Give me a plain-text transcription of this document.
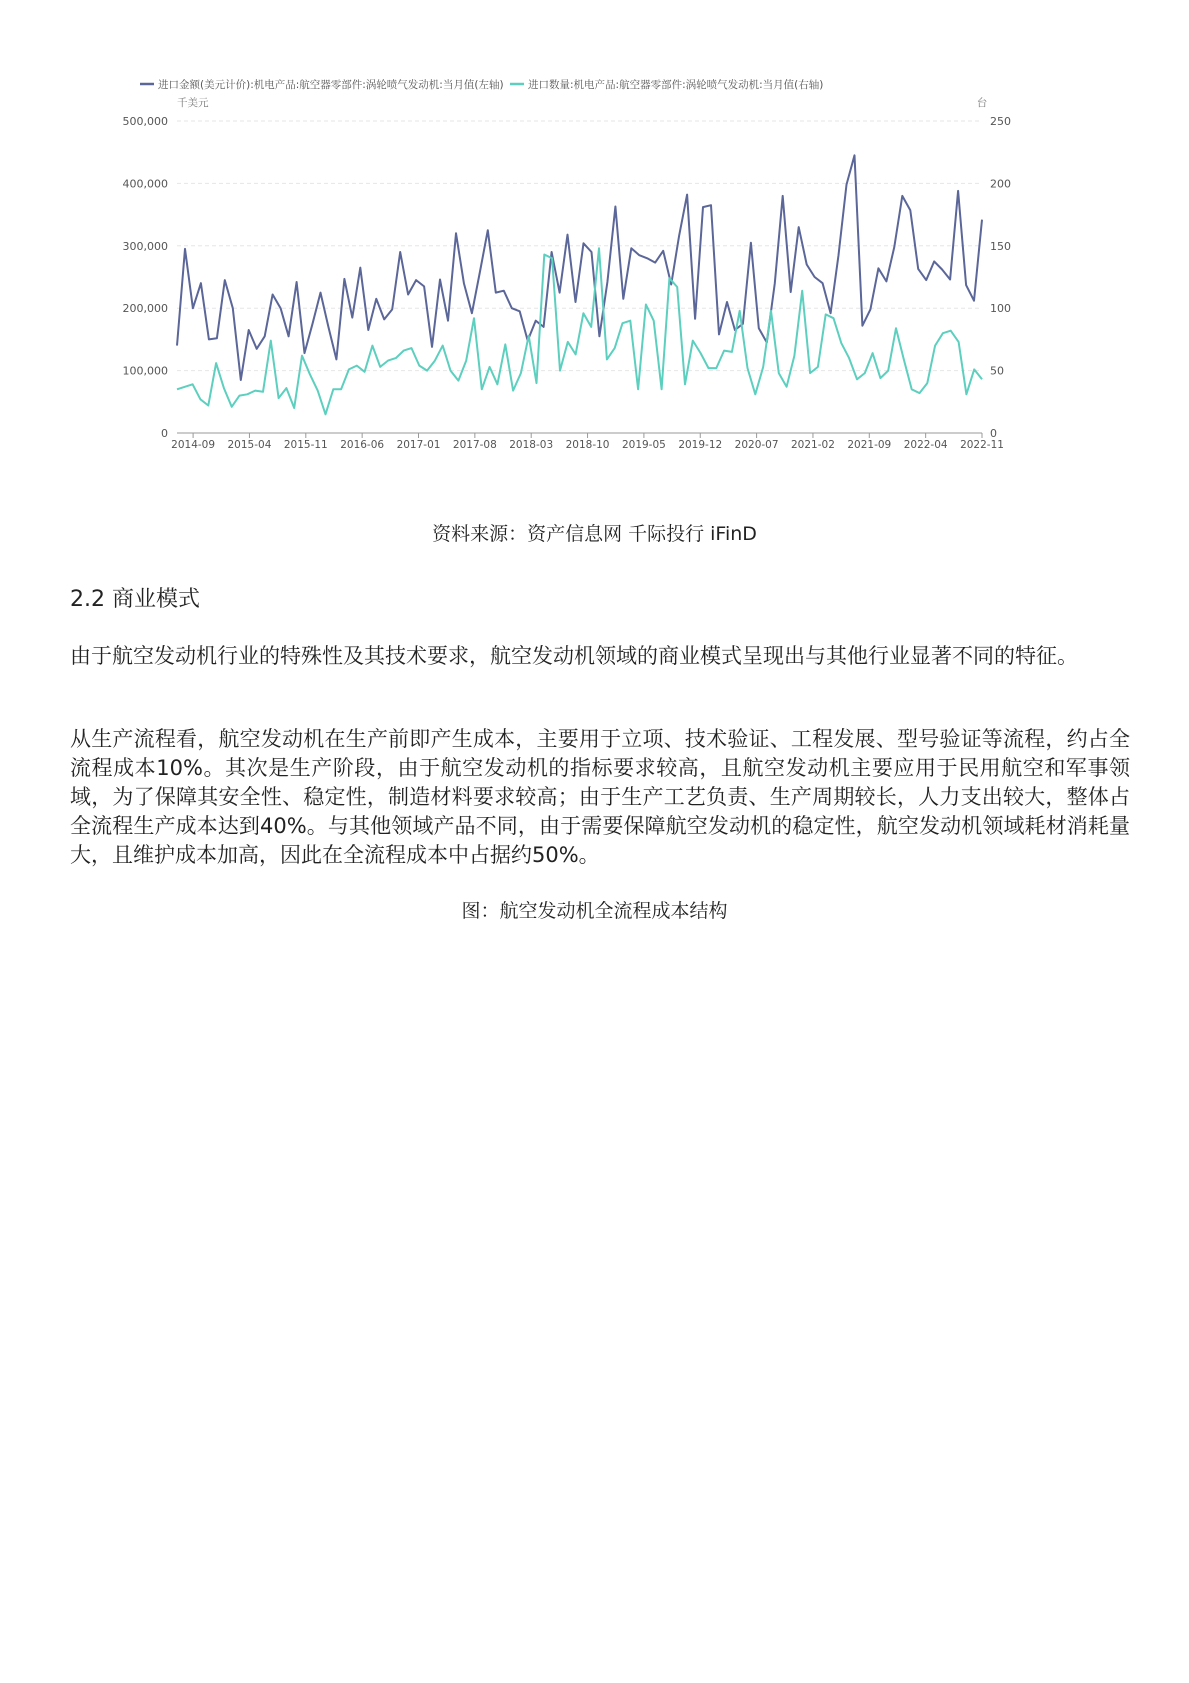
进口金额(美元计价):机电产品:航空器零部件:涡轮喷气发动机:当月值(左轴) 进口数量:机电产品:航空器零部件:涡轮喷气发动机:当月值(右轴)
千美元	台
500,000	250
400,000	200
300,000	150
200,000	100
100,000	50
0	0
2014-09 2015-04 2015-11 2016-06 2017-01 2017-08 2018-03 2018-10 2019-05 2019-12 2020-07 2021-02 2021-09 2022-04 2022-11
资料来源：资产信息网 千际投行 iFinD
2.2 商业模式

由于航空发动机行业的特殊性及其技术要求，航空发动机领域的商业模式呈现出与其他行业显著不同的特征。

从生产流程看，航空发动机在生产前即产生成本，主要用于立项、技术验证、工程发展、型号验证等流程，约占全流程成本10%。其次是生产阶段，由于航空发动机的指标要求较高，且航空发动机主要应用于民用航空和军事领域，为了保障其安全性、稳定性，制造材料要求较高；由于生产工艺负责、生产周期较长，人力支出较大，整体占全流程生产成本达到40%。与其他领域产品不同，由于需要保障航空发动机的稳定性，航空发动机领域耗材消耗量大，且维护成本加高，因此在全流程成本中占据约50%。

图：航空发动机全流程成本结构
